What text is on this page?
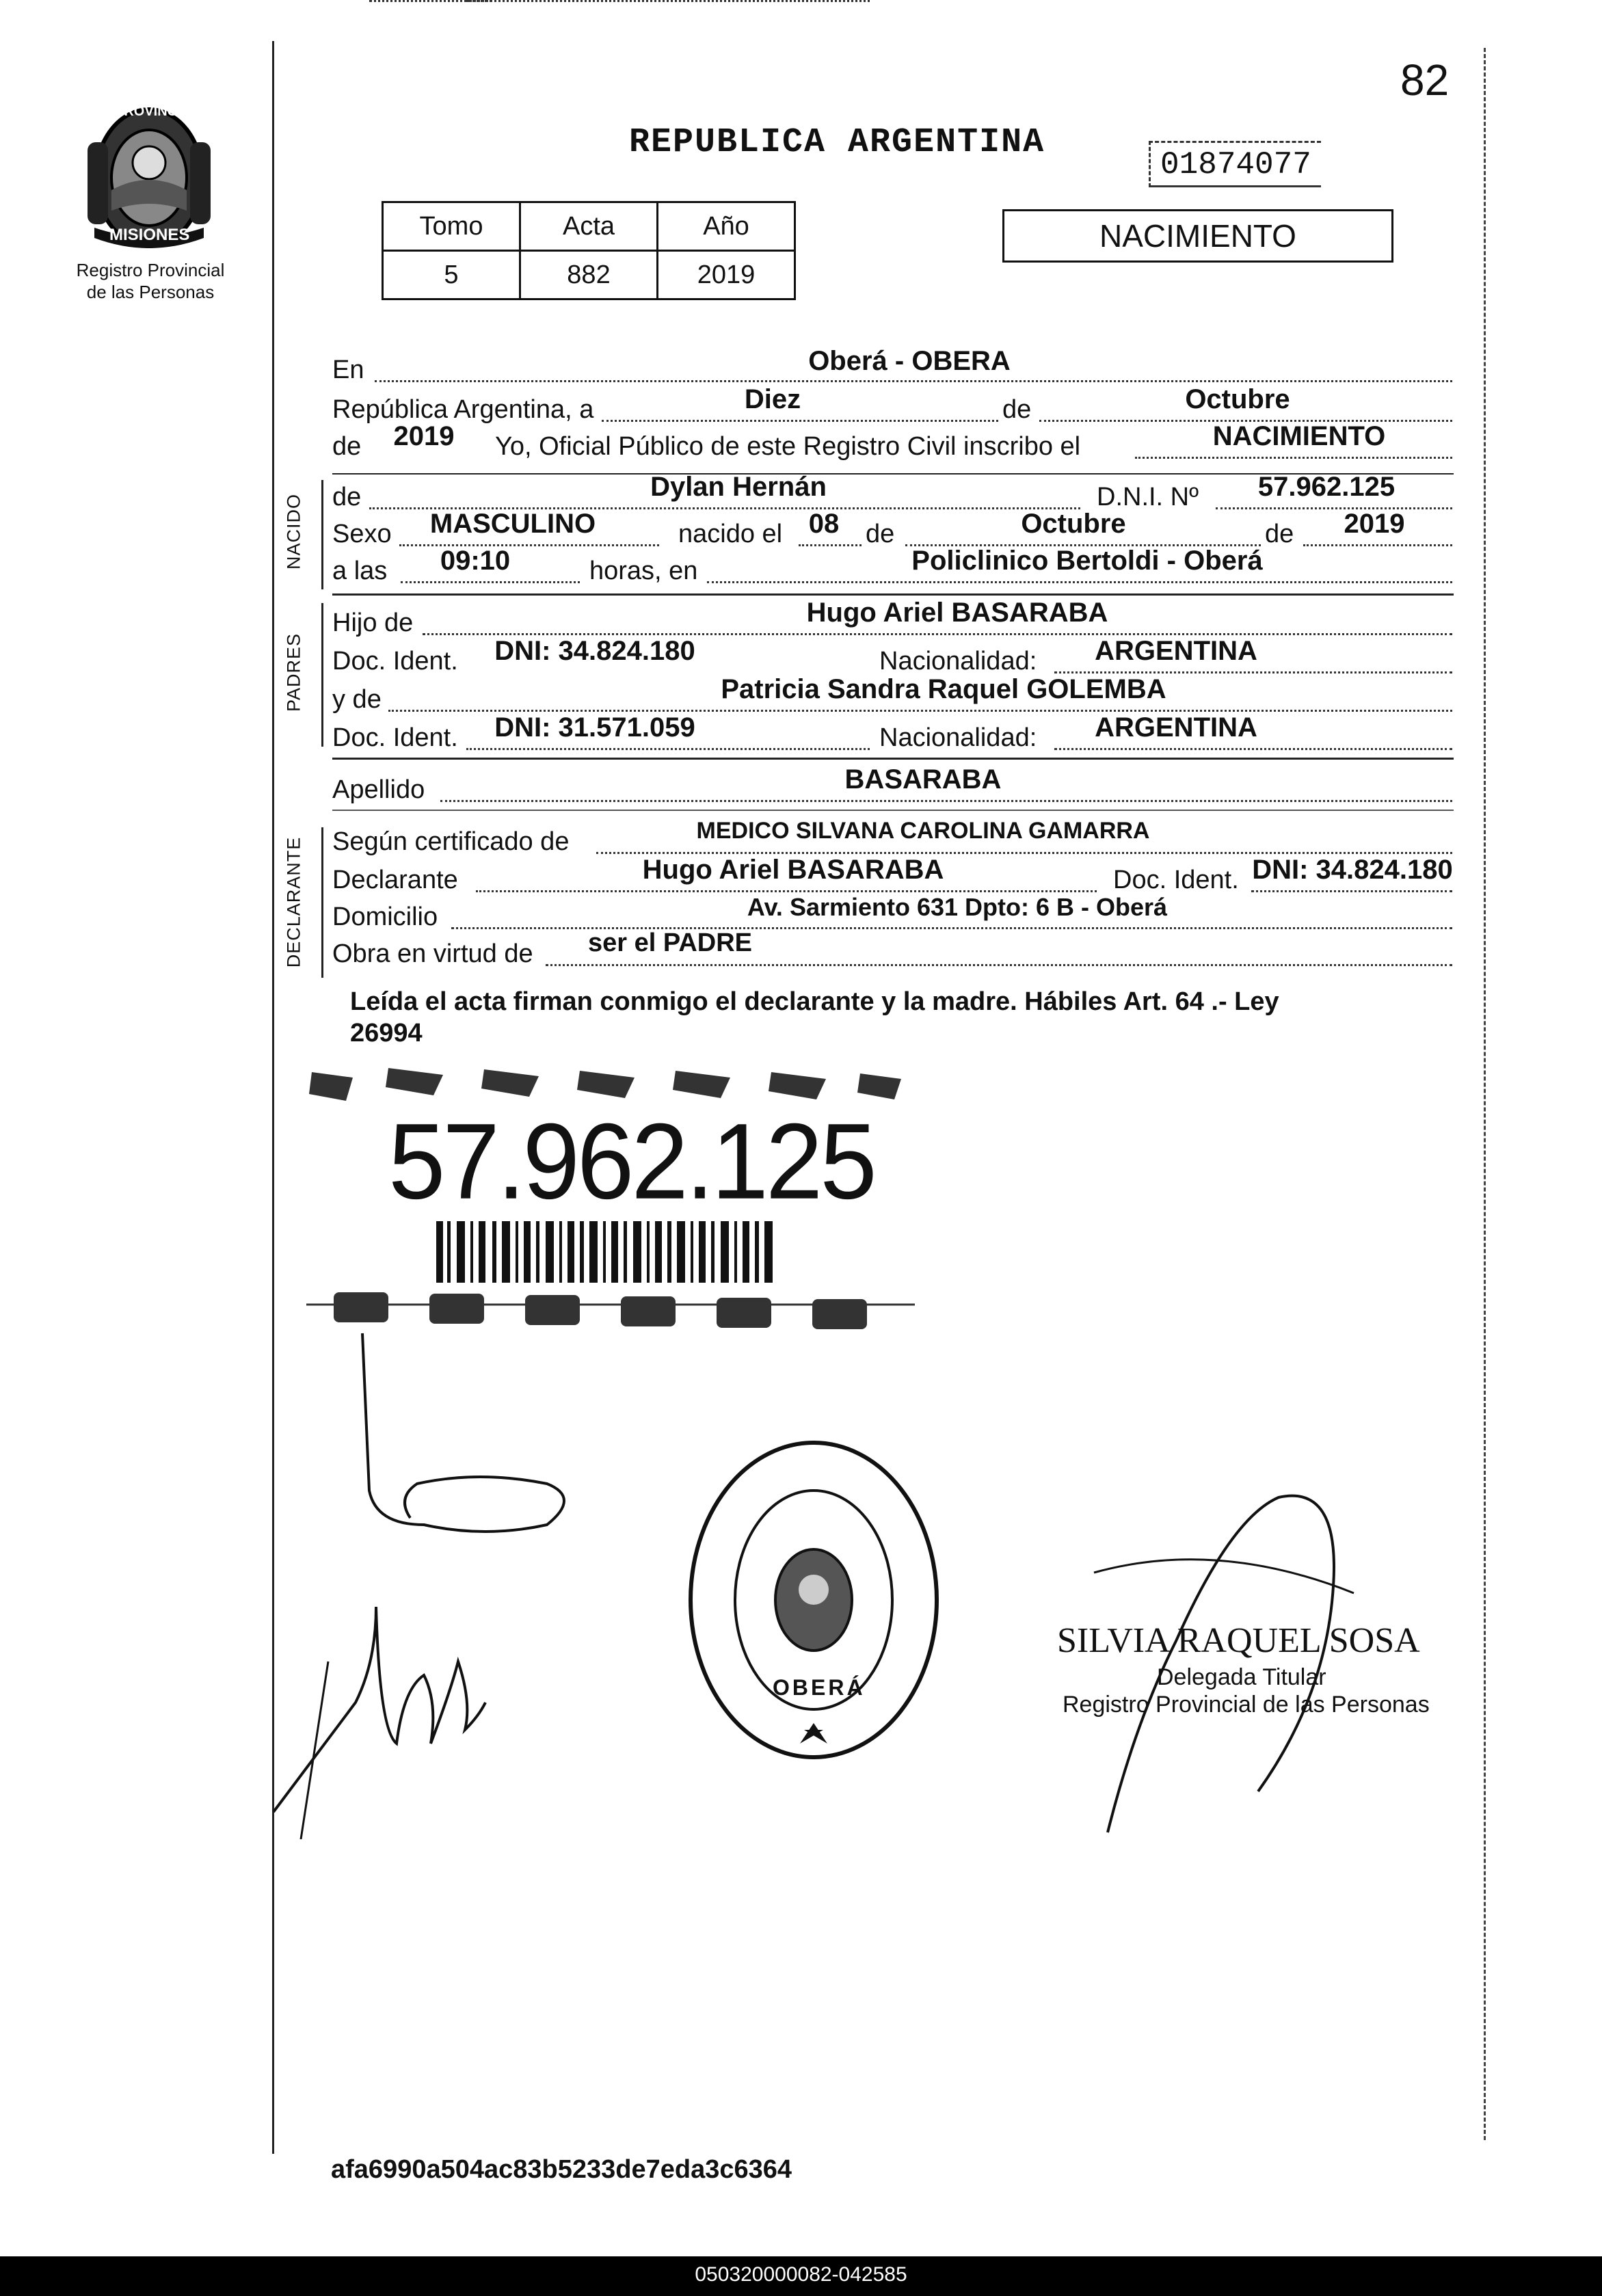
82
PROVINCIA DE
MISIONES
Registro Provincial
de las Personas
REPUBLICA ARGENTINA
01874077
Tomo	Acta	Año
5	882	2019
NACIMIENTO
En	Oberá - OBERA
República Argentina, a	Diez	de	Octubre
de	2019	Yo, Oficial Público de este Registro Civil inscribo el	NACIMIENTO
NACIDO de	Dylan Hernán	D.N.I. Nº	57.962.125
Sexo	MASCULINO	nacido el 08	de	Octubre	de	2019
a las	09:10	horas, en	Policlinico Bertoldi - Oberá
PADRES
Hijo de	Hugo Ariel BASARABA
Doc. Ident.	DNI: 34.824.180	Nacionalidad:	ARGENTINA
y de	Patricia Sandra Raquel GOLEMBA
Doc. Ident.	DNI: 31.571.059	Nacionalidad:	ARGENTINA
Apellido	BASARABA
DECLARANTE Según certificado de	MEDICO SILVANA CAROLINA GAMARRA
Declarante	Hugo Ariel BASARABA	Doc. Ident. DNI: 34.824.180
Domicilio	Av. Sarmiento 631 Dpto: 6 B - Oberá
Obra en virtud de	ser el PADRE
Leída el acta firman conmigo el declarante y la madre. Hábiles Art. 64 .- Ley
26994
57.962.125
OBERÁ
SILVIA RAQUEL SOSA
Delegada Titular
Registro Provincial de las Personas
afa6990a504ac83b5233de7eda3c6364
050320000082-042585
